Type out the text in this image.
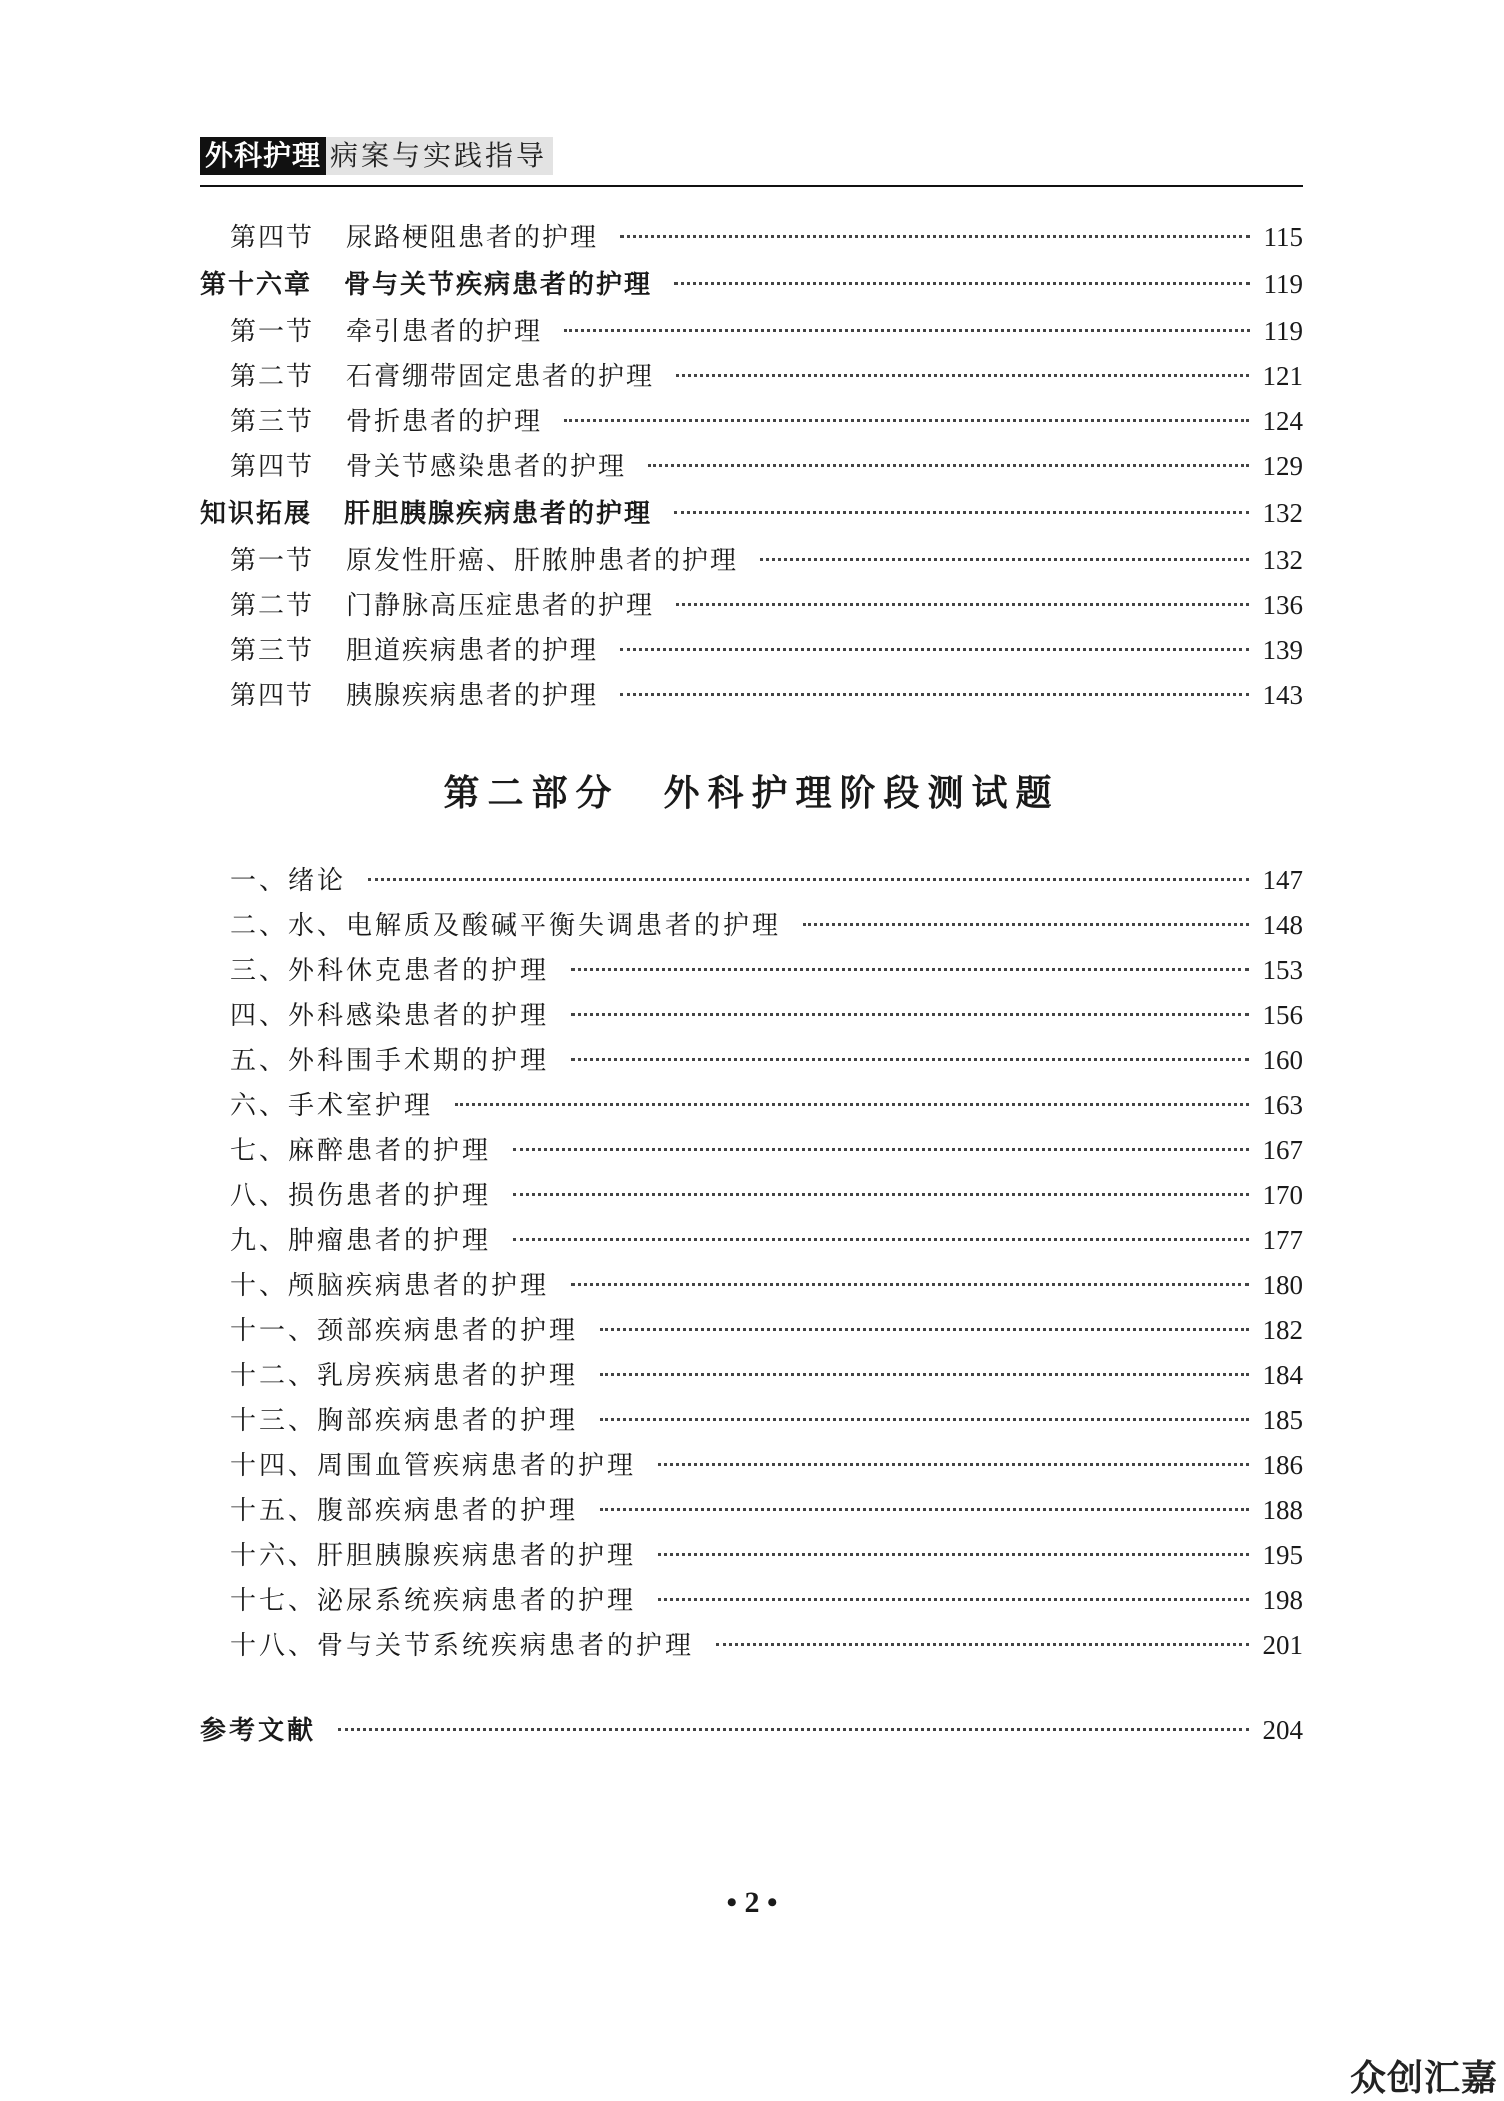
外科护理 病案与实践指导
第四节 尿路梗阻患者的护理	115
第十六章 骨与关节疾病患者的护理	119
第一节 牵引患者的护理	119
第二节 石膏绷带固定患者的护理	121
第三节 骨折患者的护理	124
第四节 骨关节感染患者的护理	129
知识拓展 肝胆胰腺疾病患者的护理	132
第一节 原发性肝癌、肝脓肿患者的护理	132
第二节 门静脉高压症患者的护理	136
第三节 胆道疾病患者的护理	139
第四节 胰腺疾病患者的护理	143
第二部分 外科护理阶段测试题
一、绪论	147
二、水、电解质及酸碱平衡失调患者的护理	148
三、外科休克患者的护理	153
四、外科感染患者的护理	156
五、外科围手术期的护理	160
六、手术室护理	163
七、麻醉患者的护理	167
八、损伤患者的护理	170
九、肿瘤患者的护理	177
十、颅脑疾病患者的护理	180
十一、颈部疾病患者的护理	182
十二、乳房疾病患者的护理	184
十三、胸部疾病患者的护理	185
十四、周围血管疾病患者的护理	186
十五、腹部疾病患者的护理	188
十六、肝胆胰腺疾病患者的护理	195
十七、泌尿系统疾病患者的护理	198
十八、骨与关节系统疾病患者的护理	201
参考文献	204
• 2 •
众创汇嘉
